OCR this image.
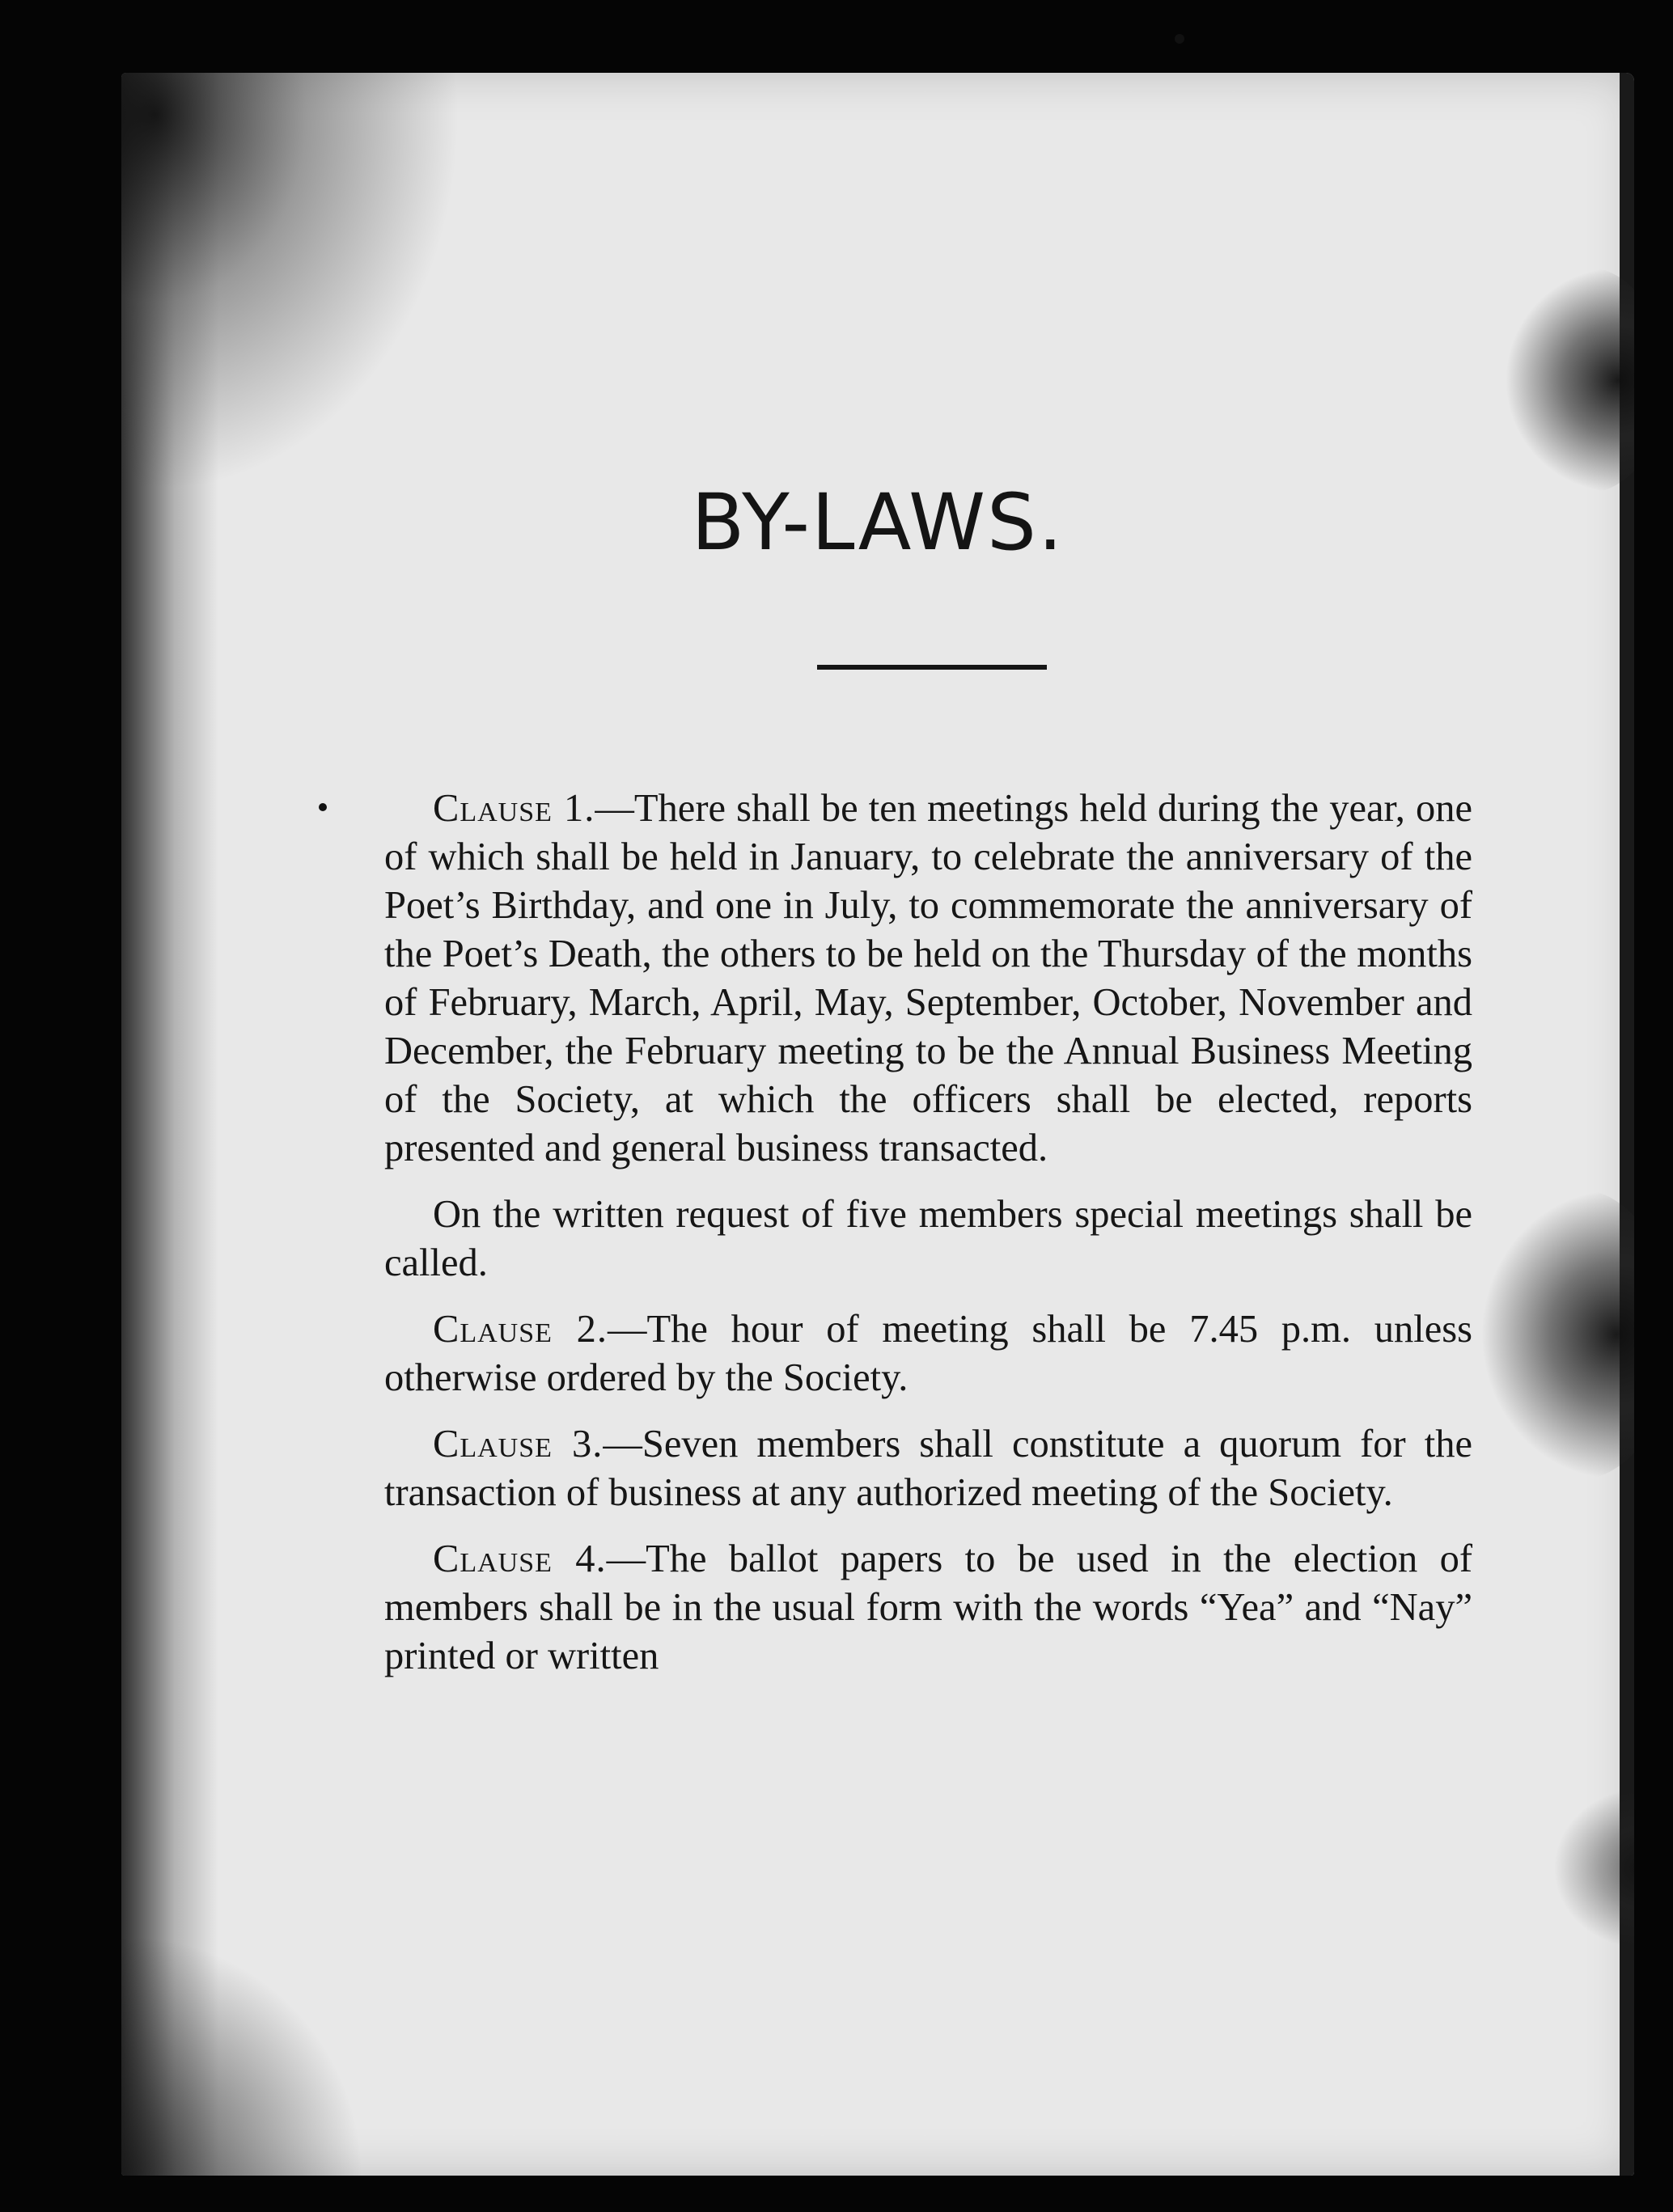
BY-LAWS.

Clause 1.—There shall be ten meetings held during the year, one of which shall be held in January, to celebrate the anniversary of the Poet’s Birthday, and one in July, to commemorate the anniversary of the Poet’s Death, the others to be held on the Thursday of the months of February, March, April, May, September, October, November and December, the February meeting to be the Annual Business Meeting of the Society, at which the officers shall be elected, reports presented and general business transacted.

On the written request of five members special meetings shall be called.

Clause 2.—The hour of meeting shall be 7.45 p.m. unless otherwise ordered by the Society.

Clause 3.—Seven members shall constitute a quorum for the transaction of business at any authorized meeting of the Society.

Clause 4.—The ballot papers to be used in the election of members shall be in the usual form with the words “Yea” and “Nay” printed or written
